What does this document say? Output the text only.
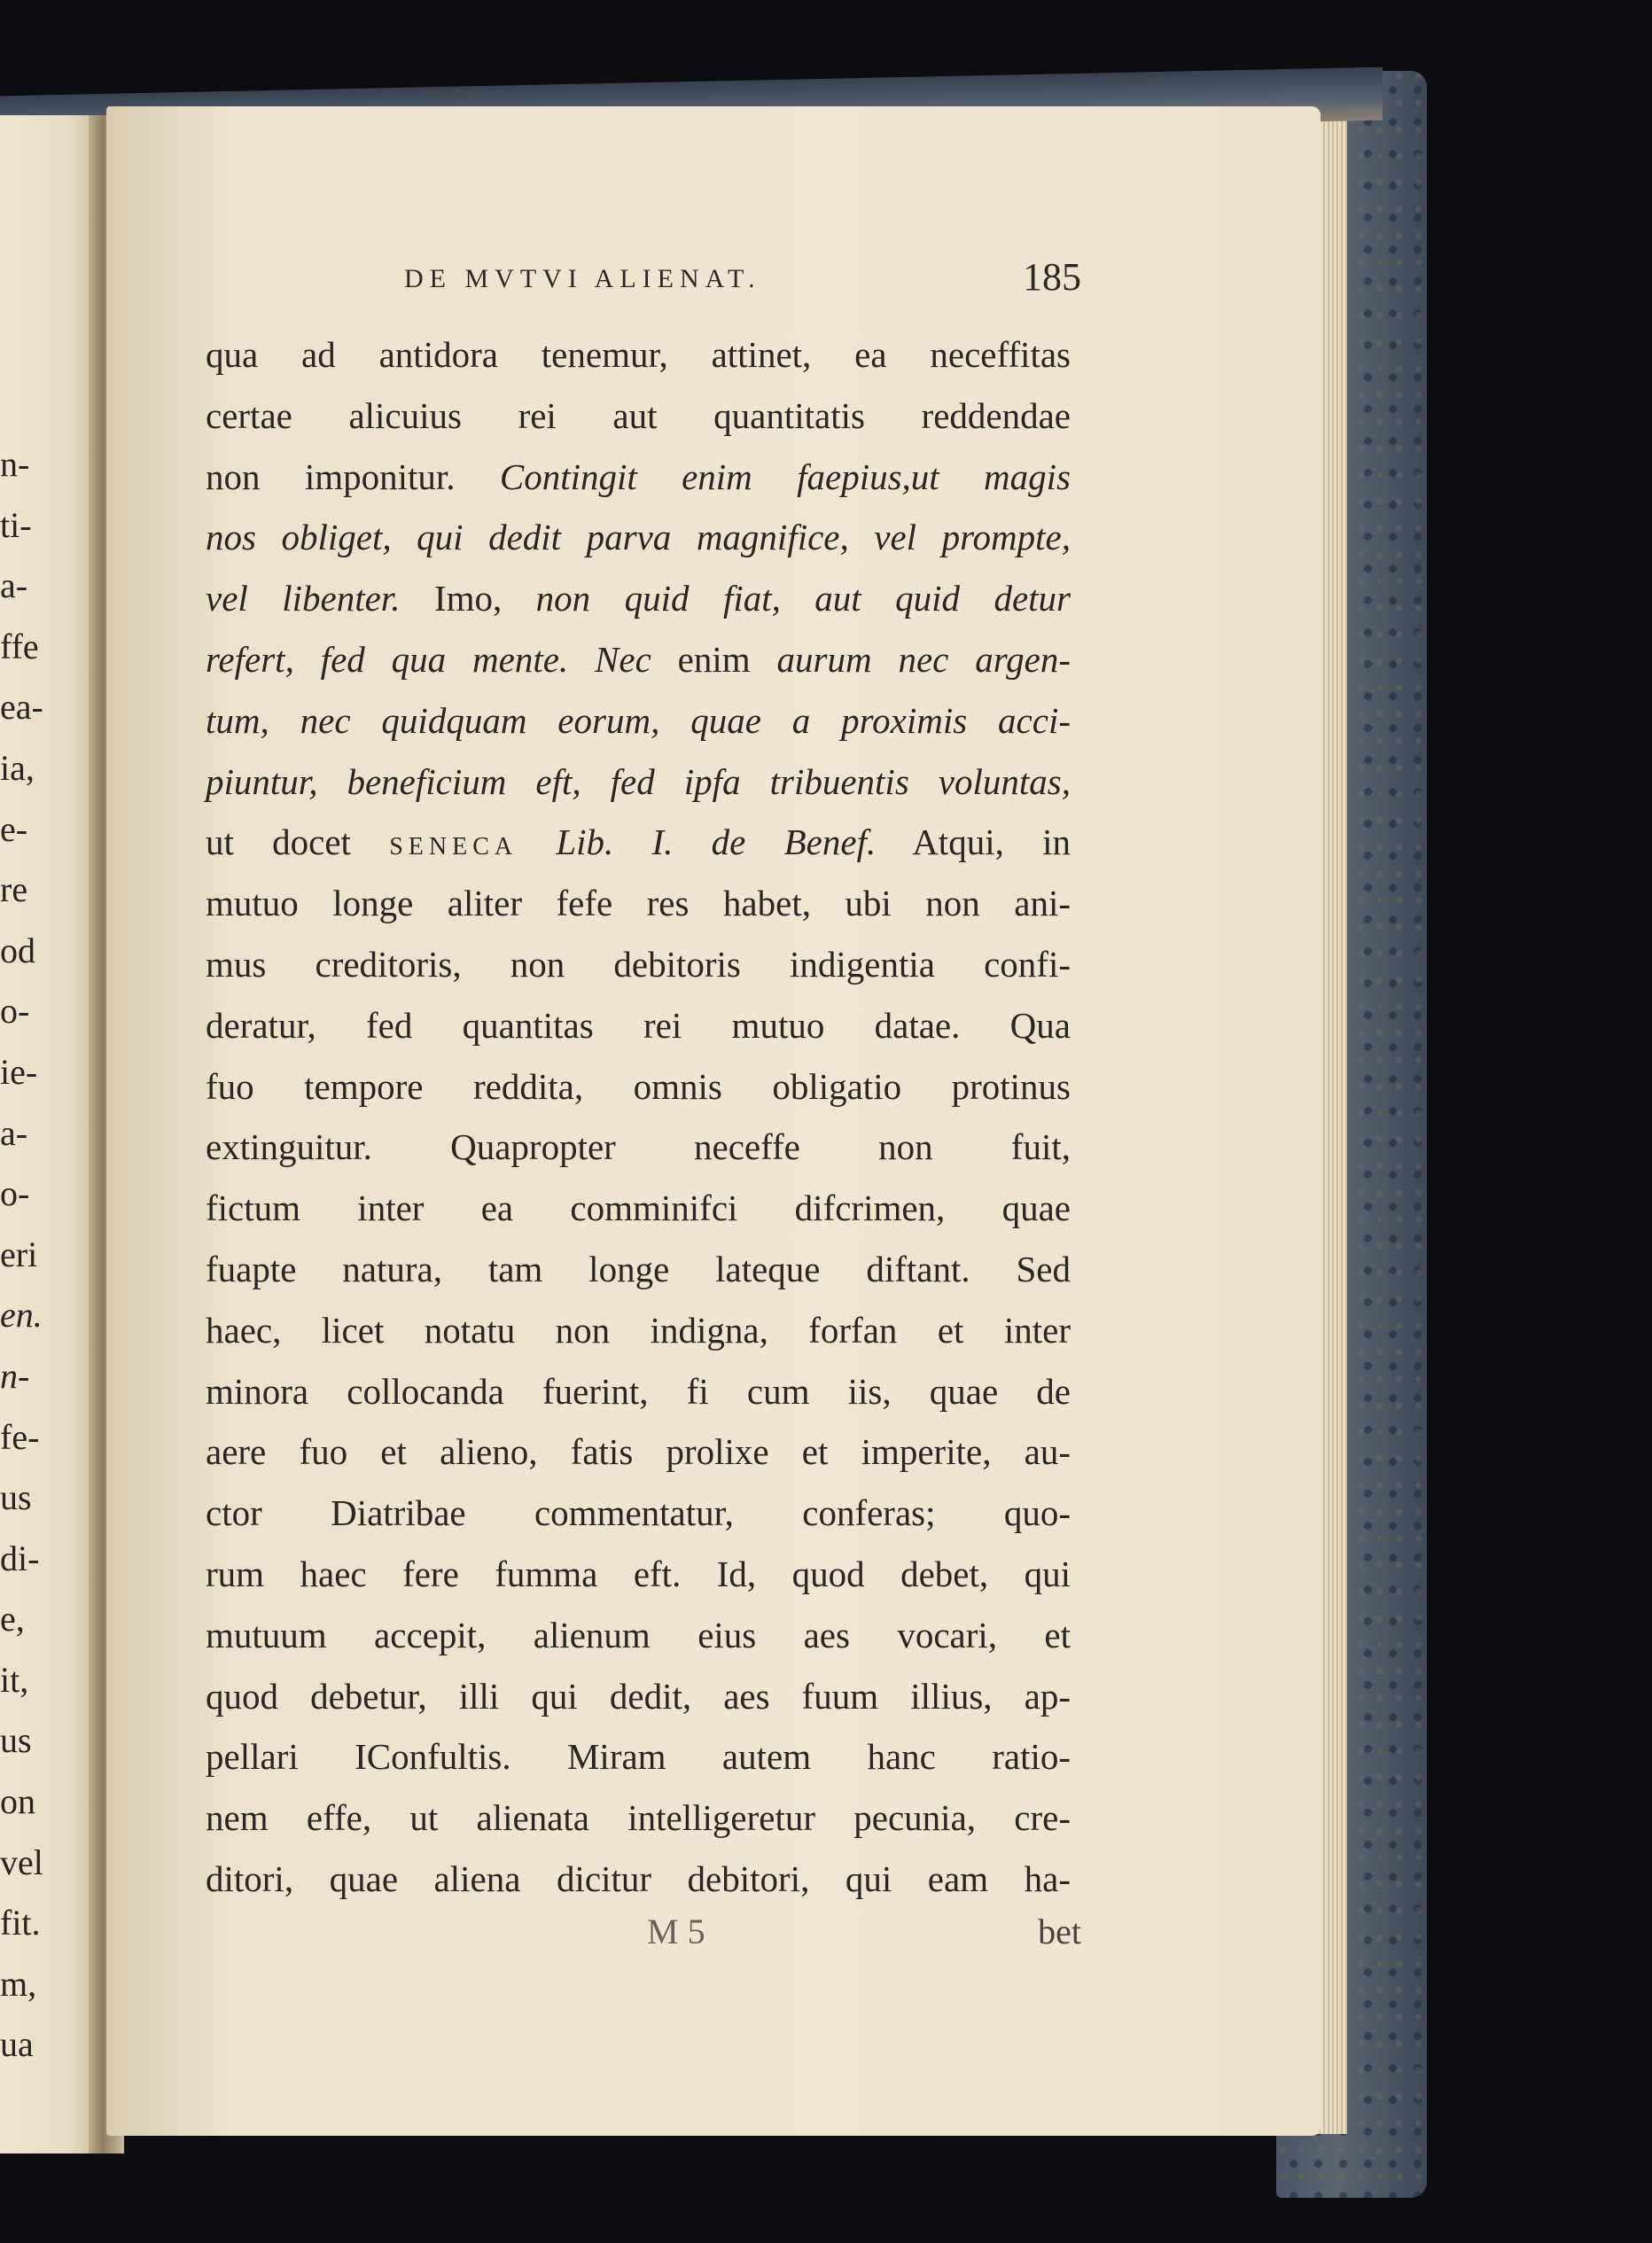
n-
ti-
a-
ffe
ea-
ia,
e-
re
od
o-
ie-
a-
o-
eri
en.
n-
fe-
us
di-
e,
it,
us
on
vel
fit.
m,
ua
DE MVTVI ALIENAT.	185
qua ad antidora tenemur, attinet, ea neceffitas
certae alicuius rei aut quantitatis reddendae
non imponitur. Contingit enim faepius,ut magis
nos obliget, qui dedit parva magnifice, vel prompte,
vel libenter. Imo, non quid fiat, aut quid detur
refert, fed qua mente. Nec enim aurum nec argen-
tum, nec quidquam eorum, quae a proximis acci-
piuntur, beneficium eft, fed ipfa tribuentis voluntas,
ut docet SENECA Lib. I. de Benef. Atqui, in
mutuo longe aliter fefe res habet, ubi non ani-
mus creditoris, non debitoris indigentia confi-
deratur, fed quantitas rei mutuo datae. Qua
fuo tempore reddita, omnis obligatio protinus
extinguitur. Quapropter neceffe non fuit,
fictum inter ea comminifci difcrimen, quae
fuapte natura, tam longe lateque diftant. Sed
haec, licet notatu non indigna, forfan et inter
minora collocanda fuerint, fi cum iis, quae de
aere fuo et alieno, fatis prolixe et imperite, au-
ctor Diatribae commentatur, conferas; quo-
rum haec fere fumma eft. Id, quod debet, qui
mutuum accepit, alienum eius aes vocari, et
quod debetur, illi qui dedit, aes fuum illius, ap-
pellari IConfultis. Miram autem hanc ratio-
nem effe, ut alienata intelligeretur pecunia, cre-
ditori, quae aliena dicitur debitori, qui eam ha-
M 5	bet
